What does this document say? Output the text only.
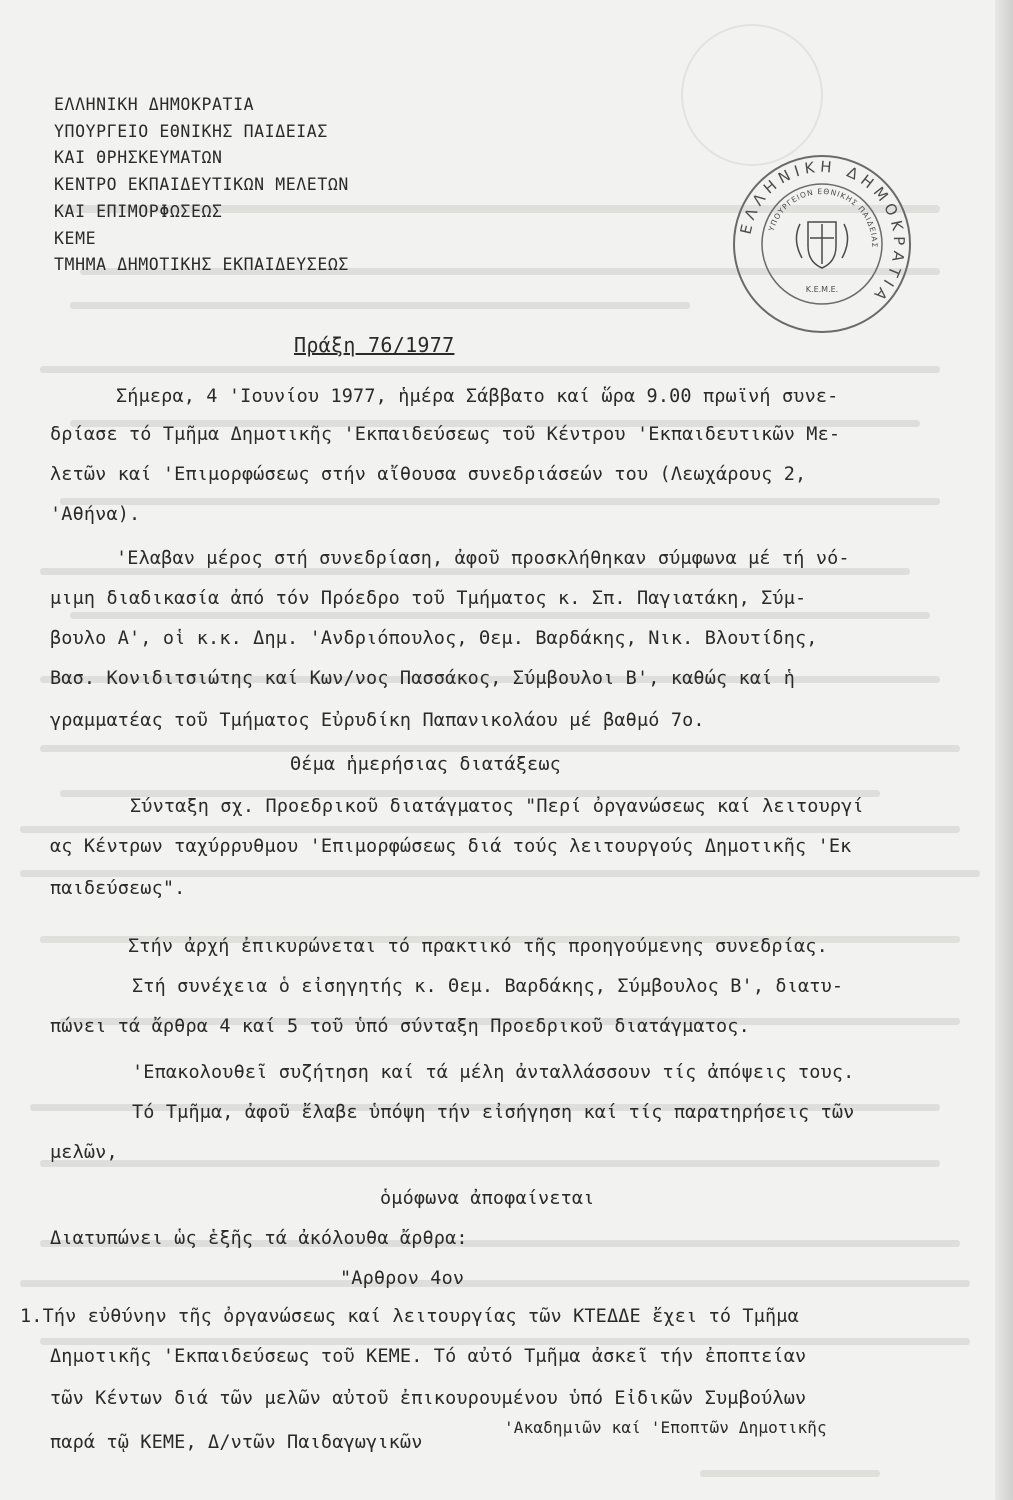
ΕΛΛΗΝΙΚΗ ΔΗΜΟΚΡΑΤΙΑ
ΥΠΟΥΡΓΕΙΟ ΕΘΝΙΚΗΣ ΠΑΙΔΕΙΑΣ
ΚΑΙ ΘΡΗΣΚΕΥΜΑΤΩΝ
ΚΕΝΤΡΟ ΕΚΠΑΙΔΕΥΤΙΚΩΝ ΜΕΛΕΤΩΝ
ΚΑΙ ΕΠΙΜΟΡΦΩΣΕΩΣ
ΚΕΜΕ
ΤΜΗΜΑ ΔΗΜΟΤΙΚΗΣ ΕΚΠΑΙΔΕΥΣΕΩΣ
ΕΛΛΗΝΙΚΗ ΔΗΜΟΚΡΑΤΙΑ
ΥΠΟΥΡΓΕΙΟΝ ΕΘΝΙΚΗΣ ΠΑΙΔΕΙΑΣ
Κ.Ε.Μ.Ε.
Πράξη 76/1977
Σήμερα, 4 'Ιουνίου 1977, ἡμέρα Σάββατο καί ὥρα 9.00 πρωϊνή συνε-
δρίασε τό Τμῆμα Δημοτικῆς 'Εκπαιδεύσεως τοῦ Κέντρου 'Εκπαιδευτικῶν Με-
λετῶν καί 'Επιμορφώσεως στήν αἴθουσα συνεδριάσεών του (Λεωχάρους 2,
'Αθήνα).
'Ελαβαν μέρος στή συνεδρίαση, ἀφοῦ προσκλήθηκαν σύμφωνα μέ τή νό-
μιμη διαδικασία ἀπό τόν Πρόεδρο τοῦ Τμήματος κ. Σπ. Παγιατάκη, Σύμ-
βουλο Α', οἱ κ.κ. Δημ. 'Ανδριόπουλος, Θεμ. Βαρδάκης, Νικ. Βλουτίδης,
Βασ. Κονιδιτσιώτης καί Κων/νος Πασσάκος, Σύμβουλοι Β', καθώς καί ἡ
γραμματέας τοῦ Τμήματος Εὐρυδίκη Παπανικολάου μέ βαθμό 7ο.
Θέμα ἡμερήσιας διατάξεως
Σύνταξη σχ. Προεδρικοῦ διατάγματος "Περί ὀργανώσεως καί λειτουργί
ας Κέντρων ταχύρρυθμου 'Επιμορφώσεως διά τούς λειτουργούς Δημοτικῆς 'Εκ
παιδεύσεως".
Στήν ἀρχή ἐπικυρώνεται τό πρακτικό τῆς προηγούμενης συνεδρίας.
Στή συνέχεια ὁ εἰσηγητής κ. Θεμ. Βαρδάκης, Σύμβουλος Β', διατυ-
πώνει τά ἄρθρα 4 καί 5 τοῦ ὑπό σύνταξη Προεδρικοῦ διατάγματος.
'Επακολουθεῖ συζήτηση καί τά μέλη ἀνταλλάσσουν τίς ἀπόψεις τους.
Τό Τμῆμα, ἀφοῦ ἔλαβε ὑπόψη τήν εἰσήγηση καί τίς παρατηρήσεις τῶν
μελῶν,
ὁμόφωνα ἀποφαίνεται
Διατυπώνει ὡς ἑξῆς τά ἀκόλουθα ἄρθρα:
"Αρθρον 4ον
1.Τήν εὐθύνην τῆς ὀργανώσεως καί λειτουργίας τῶν ΚΤΕΔΔΕ ἔχει τό Τμῆμα
Δημοτικῆς 'Εκπαιδεύσεως τοῦ ΚΕΜΕ. Τό αὐτό Τμῆμα ἀσκεῖ τήν ἐποπτείαν
τῶν Κέντων διά τῶν μελῶν αὐτοῦ ἐπικουρουμένου ὑπό Εἰδικῶν Συμβούλων
παρά τῷ ΚΕΜΕ, Δ/ντῶν Παιδαγωγικῶν
'Ακαδημιῶν καί 'Εποπτῶν Δημοτικῆς
